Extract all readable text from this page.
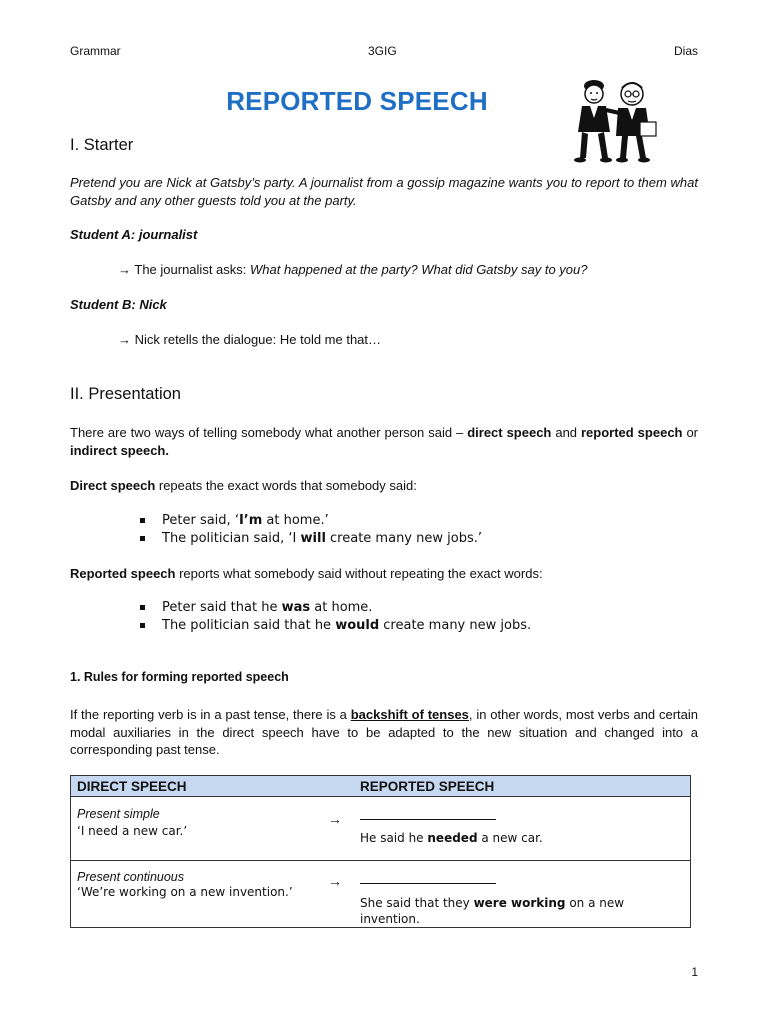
Grammar	3GIG	Dias
REPORTED SPEECH
I. Starter
Pretend you are Nick at Gatsby’s party. A journalist from a gossip magazine wants you to report to them what Gatsby and any other guests told you at the party.
Student A: journalist
→ The journalist asks: What happened at the party? What did Gatsby say to you?
Student B: Nick
→ Nick retells the dialogue: He told me that…
II. Presentation
There are two ways of telling somebody what another person said – direct speech and reported speech or indirect speech.
Direct speech repeats the exact words that somebody said:
Peter said, ‘I’m at home.’
The politician said, ‘I will create many new jobs.’
Reported speech reports what somebody said without repeating the exact words:
Peter said that he was at home.
The politician said that he would create many new jobs.
1. Rules for forming reported speech
If the reporting verb is in a past tense, there is a backshift of tenses, in other words, most verbs and certain modal auxiliaries in the direct speech have to be adapted to the new situation and changed into a corresponding past tense.
DIRECT SPEECH		REPORTED SPEECH

Present simple
‘I need a new car.’	→	He said he needed a new car.

Present continuous
‘We’re working on a new invention.’	→	She said that they were working on a new invention.
1
